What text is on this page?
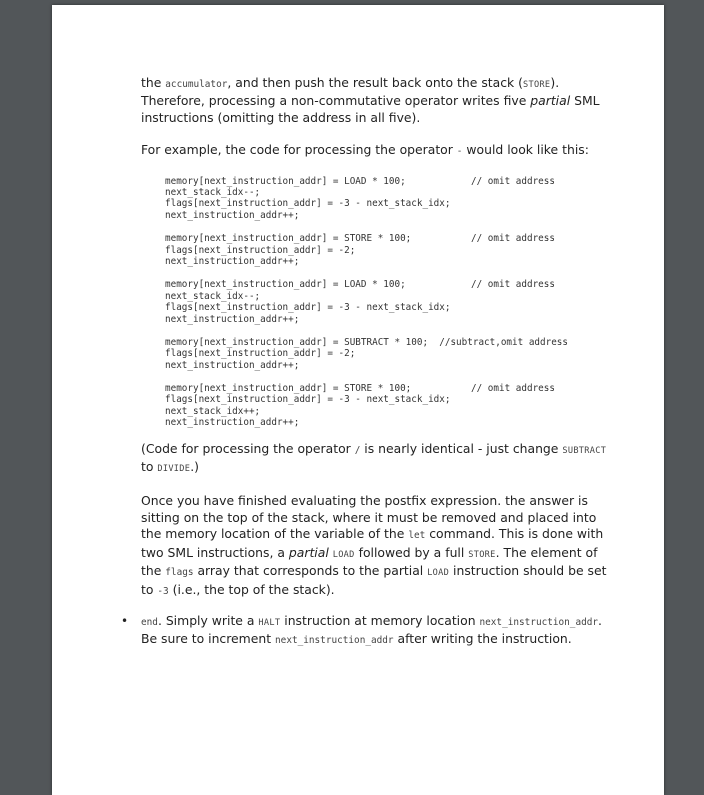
the accumulator, and then push the result back onto the stack (STORE). Therefore, processing a non-commutative operator writes five partial SML instructions (omitting the address in all five).

For example, the code for processing the operator - would look like this:

memory[next_instruction_addr] = LOAD * 100;	// omit address
next_stack_idx--;
flags[next_instruction_addr] = -3 - next_stack_idx;
next_instruction_addr++;
memory[next_instruction_addr] = STORE * 100;	// omit address
flags[next_instruction_addr] = -2;
next_instruction_addr++;
memory[next_instruction_addr] = LOAD * 100;	// omit address
next_stack_idx--;
flags[next_instruction_addr] = -3 - next_stack_idx;
next_instruction_addr++;
memory[next_instruction_addr] = SUBTRACT * 100;  //subtract,omit address
flags[next_instruction_addr] = -2;
next_instruction_addr++;
memory[next_instruction_addr] = STORE * 100;	// omit address
flags[next_instruction_addr] = -3 - next_stack_idx;
next_stack_idx++;
next_instruction_addr++;

(Code for processing the operator / is nearly identical - just change SUBTRACT to DIVIDE.)

Once you have finished evaluating the postfix expression. the answer is sitting on the top of the stack, where it must be removed and placed into the memory location of the variable of the let command. This is done with two SML instructions, a partial LOAD followed by a full STORE. The element of the flags array that corresponds to the partial LOAD instruction should be set to -3 (i.e., the top of the stack).

• end. Simply write a HALT instruction at memory location next_instruction_addr. Be sure to increment next_instruction_addr after writing the instruction.
